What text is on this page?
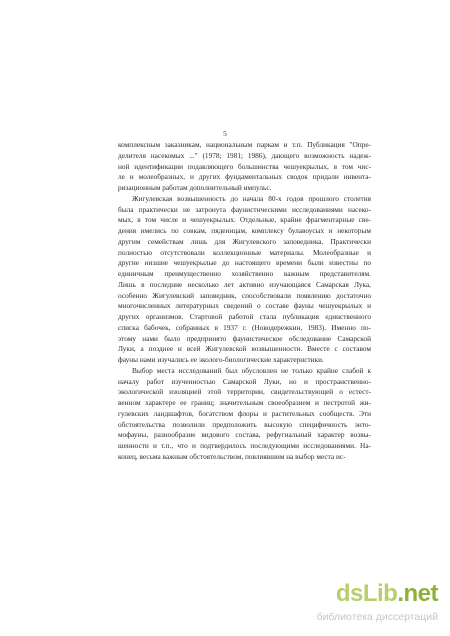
5
комплексным заказникам, национальным паркам и т.п. Публикация "Опре-
делителя насекомых ..." (1978; 1981; 1986), дающего возможность надеж-
ной идентификации подавляющего большинства чешуекрылых, в том чис-
ле и молеобразных, и других фундаментальных сводок придали инвента-
ризационным работам дополнительный импульс.
Жигулевская возвышенность до начала 80-х годов прошлого столетия
была практически не затронута фаунистическими исследованиями насеко-
мых, в том числе и чешуекрылых. Отдельные, крайне фрагментарные све-
дения имелись по совкам, пяденицам, комплексу булавоусых и некоторым
другим семействам лишь для Жигулевского заповедника. Практически
полностью отсутствовали коллекционные материалы. Молеобразные и
другие низшие чешуекрылые до настоящего времени были известны по
единичным преимущественно хозяйственно важным представителям.
Лишь в последние несколько лет активно изучающаяся Самарская Лука,
особенно Жигулевский заповедник, способствовали появлению достаточно
многочисленных литературных сведений о составе фауны чешуекрылых и
других организмов. Стартовой работой стала публикация единственного
списка бабочек, собранных в 1937 г. (Новодережкин, 1983). Именно по-
этому нами было предпринято фаунистическое обследование Самарской
Луки, а позднее и всей Жигулевской возвышенности. Вместе с составом
фауны нами изучались ее эколого-биологические характеристики.
Выбор места исследований был обусловлен не только крайне слабой к
началу работ изученностью Самарской Луки, но и пространственно-
экологической изоляцией этой территории, свидетельствующей о естест-
венном характере ее границ; значительным своеобразием и пестротой жи-
гулевских ландшафтов, богатством флоры и растительных сообществ. Эти
обстоятельства позволили предположить высокую специфичность энто-
мофауны, разнообразие видового состава, рефугиальный характер возвы-
шенности и т.п., что и подтвердилось последующими исследованиями. На-
конец, весьма важным обстоятельством, повлиявшим на выбор места ис-
dsLib.net
библиотека диссертаций
